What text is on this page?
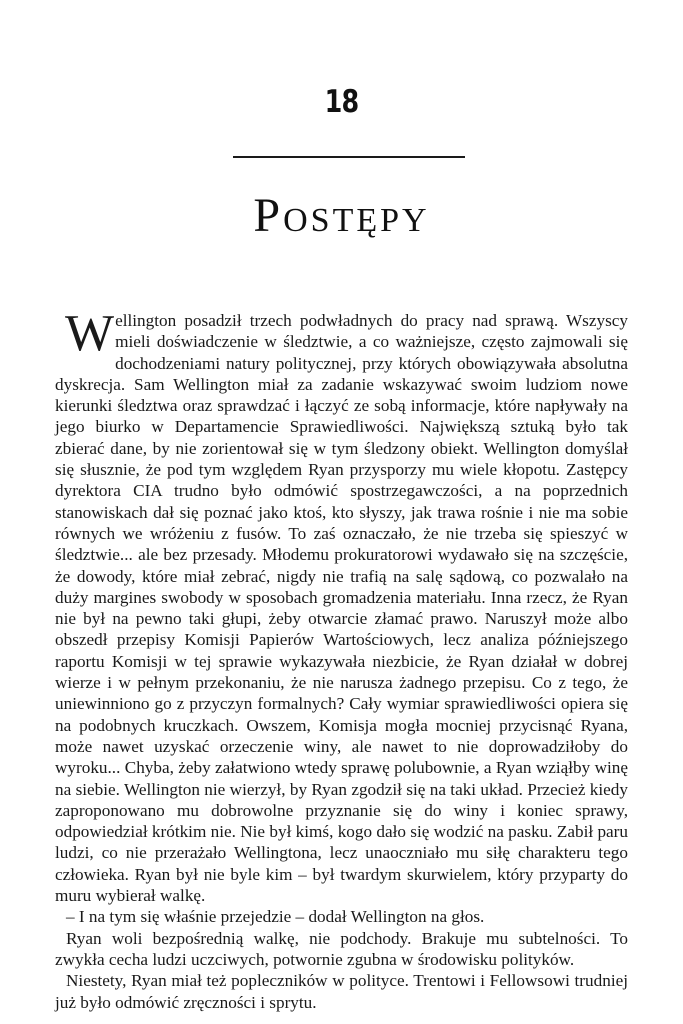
18
Postępy

Wellington posadził trzech podwładnych do pracy nad sprawą. Wszyscy mieli doświadczenie w śledztwie, a co ważniejsze, często zajmowali się dochodzeniami natury politycznej, przy których obowiązywała absolutna dyskrecja. Sam Wellington miał za zadanie wskazywać swoim ludziom nowe kierunki śledztwa oraz sprawdzać i łączyć ze sobą informacje, które napływały na jego biurko w Departamencie Sprawiedliwości. Największą sztuką było tak zbierać dane, by nie zorientował się w tym śledzony obiekt. Wellington domyślał się słusznie, że pod tym względem Ryan przysporzy mu wiele kłopotu. Zastępcy dyrektora CIA trudno było odmówić spostrzegawczości, a na poprzednich stanowiskach dał się poznać jako ktoś, kto słyszy, jak trawa rośnie i nie ma sobie równych we wróżeniu z fusów. To zaś oznaczało, że nie trzeba się spieszyć w śledztwie... ale bez przesady. Młodemu prokuratorowi wydawało się na szczęście, że dowody, które miał zebrać, nigdy nie trafią na salę sądową, co pozwalało na duży margines swobody w sposobach gromadzenia materiału. Inna rzecz, że Ryan nie był na pewno taki głupi, żeby otwarcie złamać prawo. Naruszył może albo obszedł przepisy Komisji Papierów Wartościowych, lecz analiza późniejszego raportu Komisji w tej sprawie wykazywała niezbicie, że Ryan działał w dobrej wierze i w pełnym przekonaniu, że nie narusza żadnego przepisu. Co z tego, że uniewinniono go z przyczyn formalnych? Cały wymiar sprawiedliwości opiera się na podobnych kruczkach. Owszem, Komisja mogła mocniej przycisnąć Ryana, może nawet uzyskać orzeczenie winy, ale nawet to nie doprowadziłoby do wyroku... Chyba, żeby załatwiono wtedy sprawę polubownie, a Ryan wziąłby winę na siebie. Wellington nie wierzył, by Ryan zgodził się na taki układ. Przecież kiedy zaproponowano mu dobrowolne przyznanie się do winy i koniec sprawy, odpowiedział krótkim nie. Nie był kimś, kogo dało się wodzić na pasku. Zabił paru ludzi, co nie przerażało Wellingtona, lecz unaoczniało mu siłę charakteru tego człowieka. Ryan był nie byle kim – był twardym skurwielem, który przyparty do muru wybierał walkę.

– I na tym się właśnie przejedzie – dodał Wellington na głos.

Ryan woli bezpośrednią walkę, nie podchody. Brakuje mu subtelności. To zwykła cecha ludzi uczciwych, potwornie zgubna w środowisku polityków.

Niestety, Ryan miał też popleczników w polityce. Trentowi i Fellowsowi trudniej już było odmówić zręczności i sprytu.
